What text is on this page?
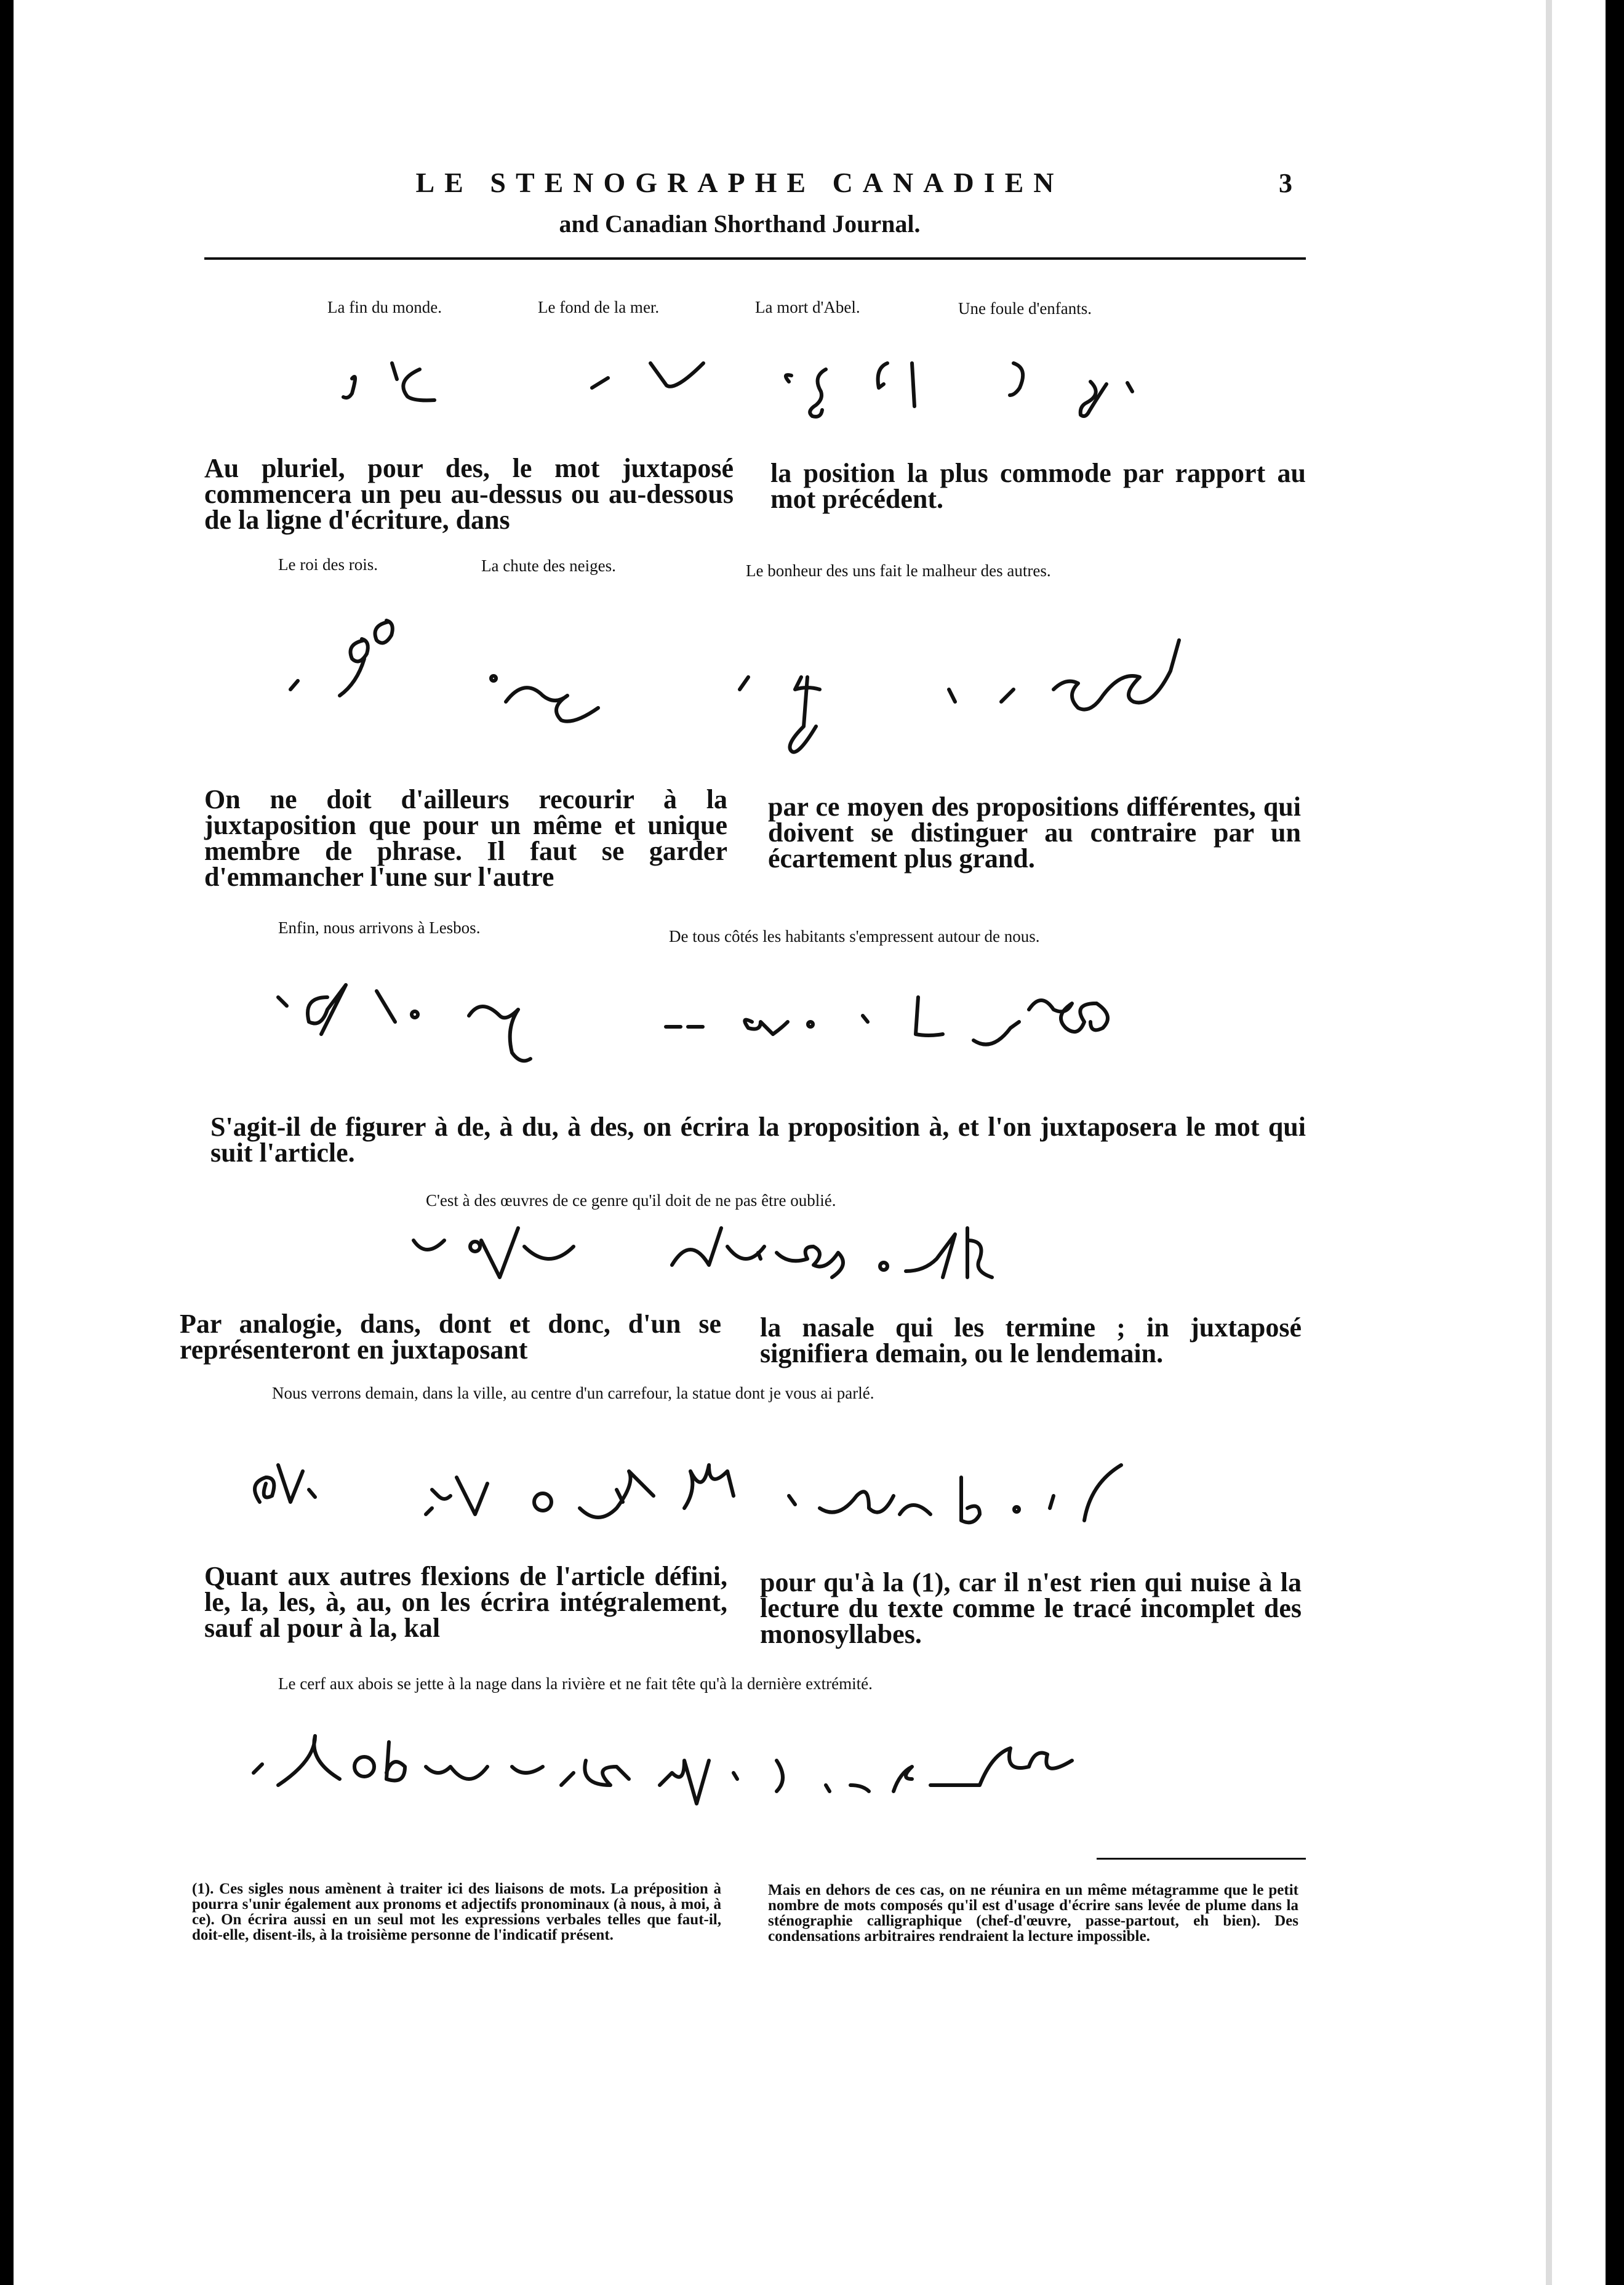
LE STENOGRAPHE CANADIEN
and Canadian Shorthand Journal.
3
La fin du monde.	Le fond de la mer.	La mort d'Abel.	Une foule d'enfants.
Au pluriel, pour des, le mot juxtaposé commencera un peu au-dessus ou au-dessous de la ligne d'écriture, dans
la position la plus commode par rapport au mot précédent.
Le roi des rois.	La chute des neiges.	Le bonheur des uns fait le malheur des autres.
On ne doit d'ailleurs recourir à la juxtaposition que pour un même et unique membre de phrase. Il faut se garder d'emmancher l'une sur l'autre
par ce moyen des propositions différentes, qui doivent se distinguer au contraire par un écartement plus grand.
Enfin, nous arrivons à Lesbos.	De tous côtés les habitants s'empressent autour de nous.
S'agit-il de figurer à de, à du, à des, on écrira la proposition à, et l'on juxtaposera le mot qui suit l'article.
C'est à des œuvres de ce genre qu'il doit de ne pas être oublié.
Par analogie, dans, dont et donc, d'un se représenteront en juxtaposant
la nasale qui les termine ; in juxtaposé signifiera demain, ou le lendemain.
Nous verrons demain, dans la ville, au centre d'un carrefour, la statue dont je vous ai parlé.
Quant aux autres flexions de l'article défini, le, la, les, à, au, on les écrira intégralement, sauf al pour à la, kal
pour qu'à la (1), car il n'est rien qui nuise à la lecture du texte comme le tracé incomplet des monosyllabes.
Le cerf aux abois se jette à la nage dans la rivière et ne fait tête qu'à la dernière extrémité.
(1). Ces sigles nous amènent à traiter ici des liaisons de mots. La préposition à pourra s'unir également aux pronoms et adjectifs pronominaux (à nous, à moi, à ce). On écrira aussi en un seul mot les expressions verbales telles que faut-il, doit-elle, disent-ils, à la troisième personne de l'indicatif présent.
Mais en dehors de ces cas, on ne réunira en un même métagramme que le petit nombre de mots composés qu'il est d'usage d'écrire sans levée de plume dans la sténographie calligraphique (chef-d'œuvre, passe-partout, eh bien). Des condensations arbitraires rendraient la lecture impossible.
